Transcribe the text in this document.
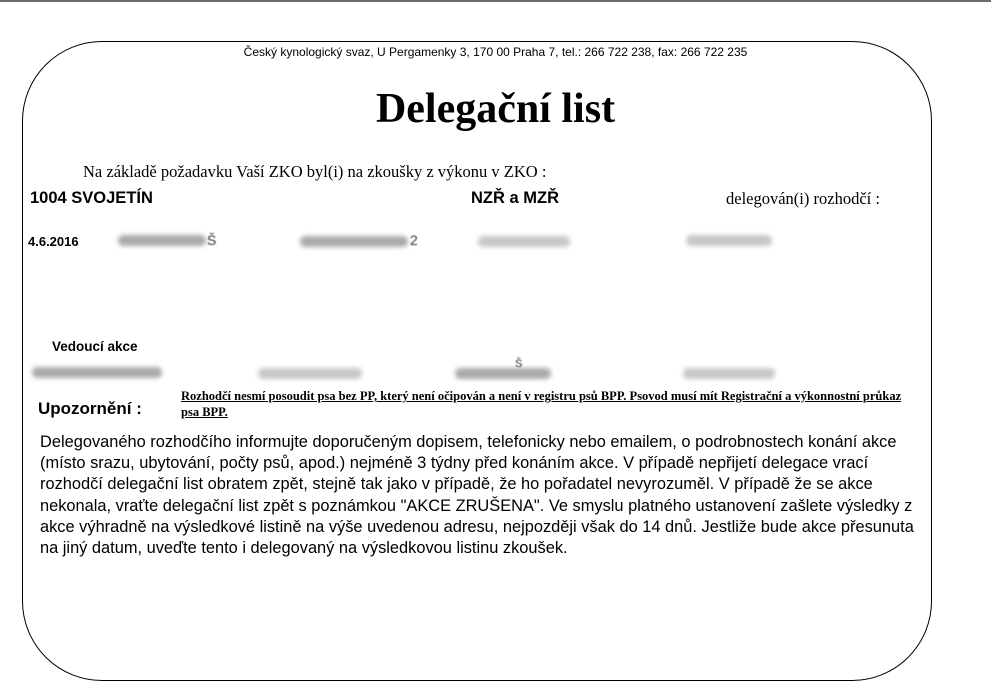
Český kynologický svaz, U Pergamenky 3, 170 00 Praha 7, tel.: 266 722 238, fax: 266 722 235
Delegační list
Na základě požadavku Vaší ZKO byl(i) na zkoušky z výkonu v ZKO :
1004 SVOJETÍN	NZŘ a MZŘ	delegován(i) rozhodčí :
4.6.2016	Š	2
Vedoucí akce
Š
Upozornění :
Rozhodčí nesmí posoudit psa bez PP, který není očipován a není v registru psů BPP. Psovod musí mít Registrační a výkonnostní průkaz psa BPP.
Delegovaného rozhodčího informujte doporučeným dopisem, telefonicky nebo emailem, o podrobnostech konání akce (místo srazu, ubytování, počty psů, apod.) nejméně 3 týdny před konáním akce. V případě nepřijetí delegace vrací rozhodčí delegační list obratem zpět, stejně tak jako v případě, že ho pořadatel nevyrozuměl. V případě že se akce nekonala, vraťte delegační list zpět s poznámkou "AKCE ZRUŠENA". Ve smyslu platného ustanovení zašlete výsledky z akce výhradně na výsledkové listině na výše uvedenou adresu, nejpozději však do 14 dnů. Jestliže bude akce přesunuta na jiný datum, uveďte tento i delegovaný na výsledkovou listinu zkoušek.
